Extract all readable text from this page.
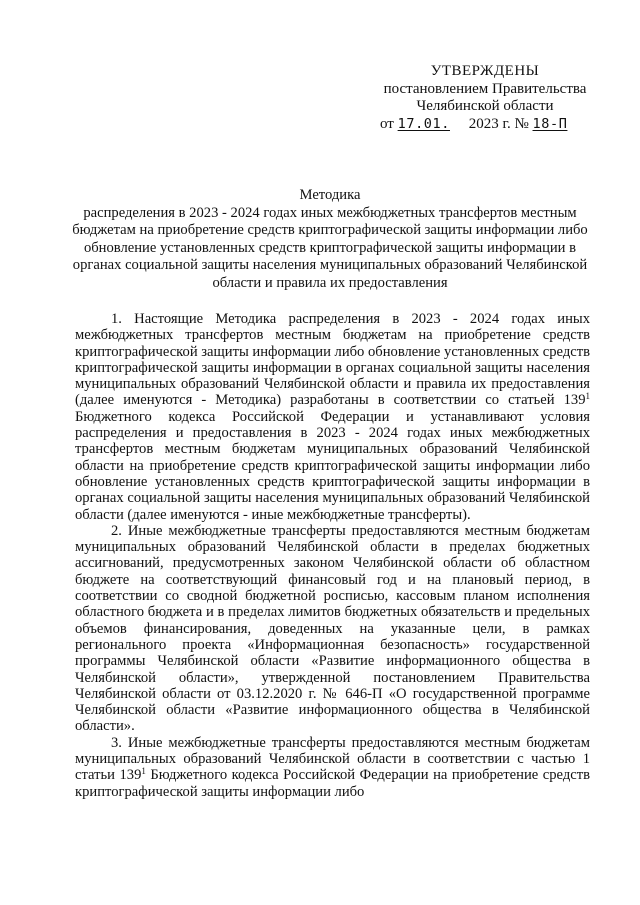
УТВЕРЖДЕНЫ
постановлением Правительства
Челябинской области
от 17.01. 2023 г. № 18-П
Методика
распределения в 2023 - 2024 годах иных межбюджетных трансфертов местным бюджетам на приобретение средств криптографической защиты информации либо обновление установленных средств криптографической защиты информации в органах социальной защиты населения муниципальных образований Челябинской области и правила их предоставления

1. Настоящие Методика распределения в 2023 - 2024 годах иных межбюджетных трансфертов местным бюджетам на приобретение средств криптографической защиты информации либо обновление установленных средств криптографической защиты информации в органах социальной защиты населения муниципальных образований Челябинской области и правила их предоставления (далее именуются - Методика) разработаны в соответствии со статьей $139^1$ Бюджетного кодекса Российской Федерации и устанавливают условия распределения и предоставления в 2023 - 2024 годах иных межбюджетных трансфертов местным бюджетам муниципальных образований Челябинской области на приобретение средств криптографической защиты информации либо обновление установленных средств криптографической защиты информации в органах социальной защиты населения муниципальных образований Челябинской области (далее именуются - иные межбюджетные трансферты).

2. Иные межбюджетные трансферты предоставляются местным бюджетам муниципальных образований Челябинской области в пределах бюджетных ассигнований, предусмотренных законом Челябинской области об областном бюджете на соответствующий финансовый год и на плановый период, в соответствии со сводной бюджетной росписью, кассовым планом исполнения областного бюджета и в пределах лимитов бюджетных обязательств и предельных объемов финансирования, доведенных на указанные цели, в рамках регионального проекта «Информационная безопасность» государственной программы Челябинской области «Развитие информационного общества в Челябинской области», утвержденной постановлением Правительства Челябинской области от 03.12.2020 г. № 646-П «О государственной программе Челябинской области «Развитие информационного общества в Челябинской области».

3. Иные межбюджетные трансферты предоставляются местным бюджетам муниципальных образований Челябинской области в соответствии с частью 1 статьи $139^1$ Бюджетного кодекса Российской Федерации на приобретение средств криптографической защиты информации либо
